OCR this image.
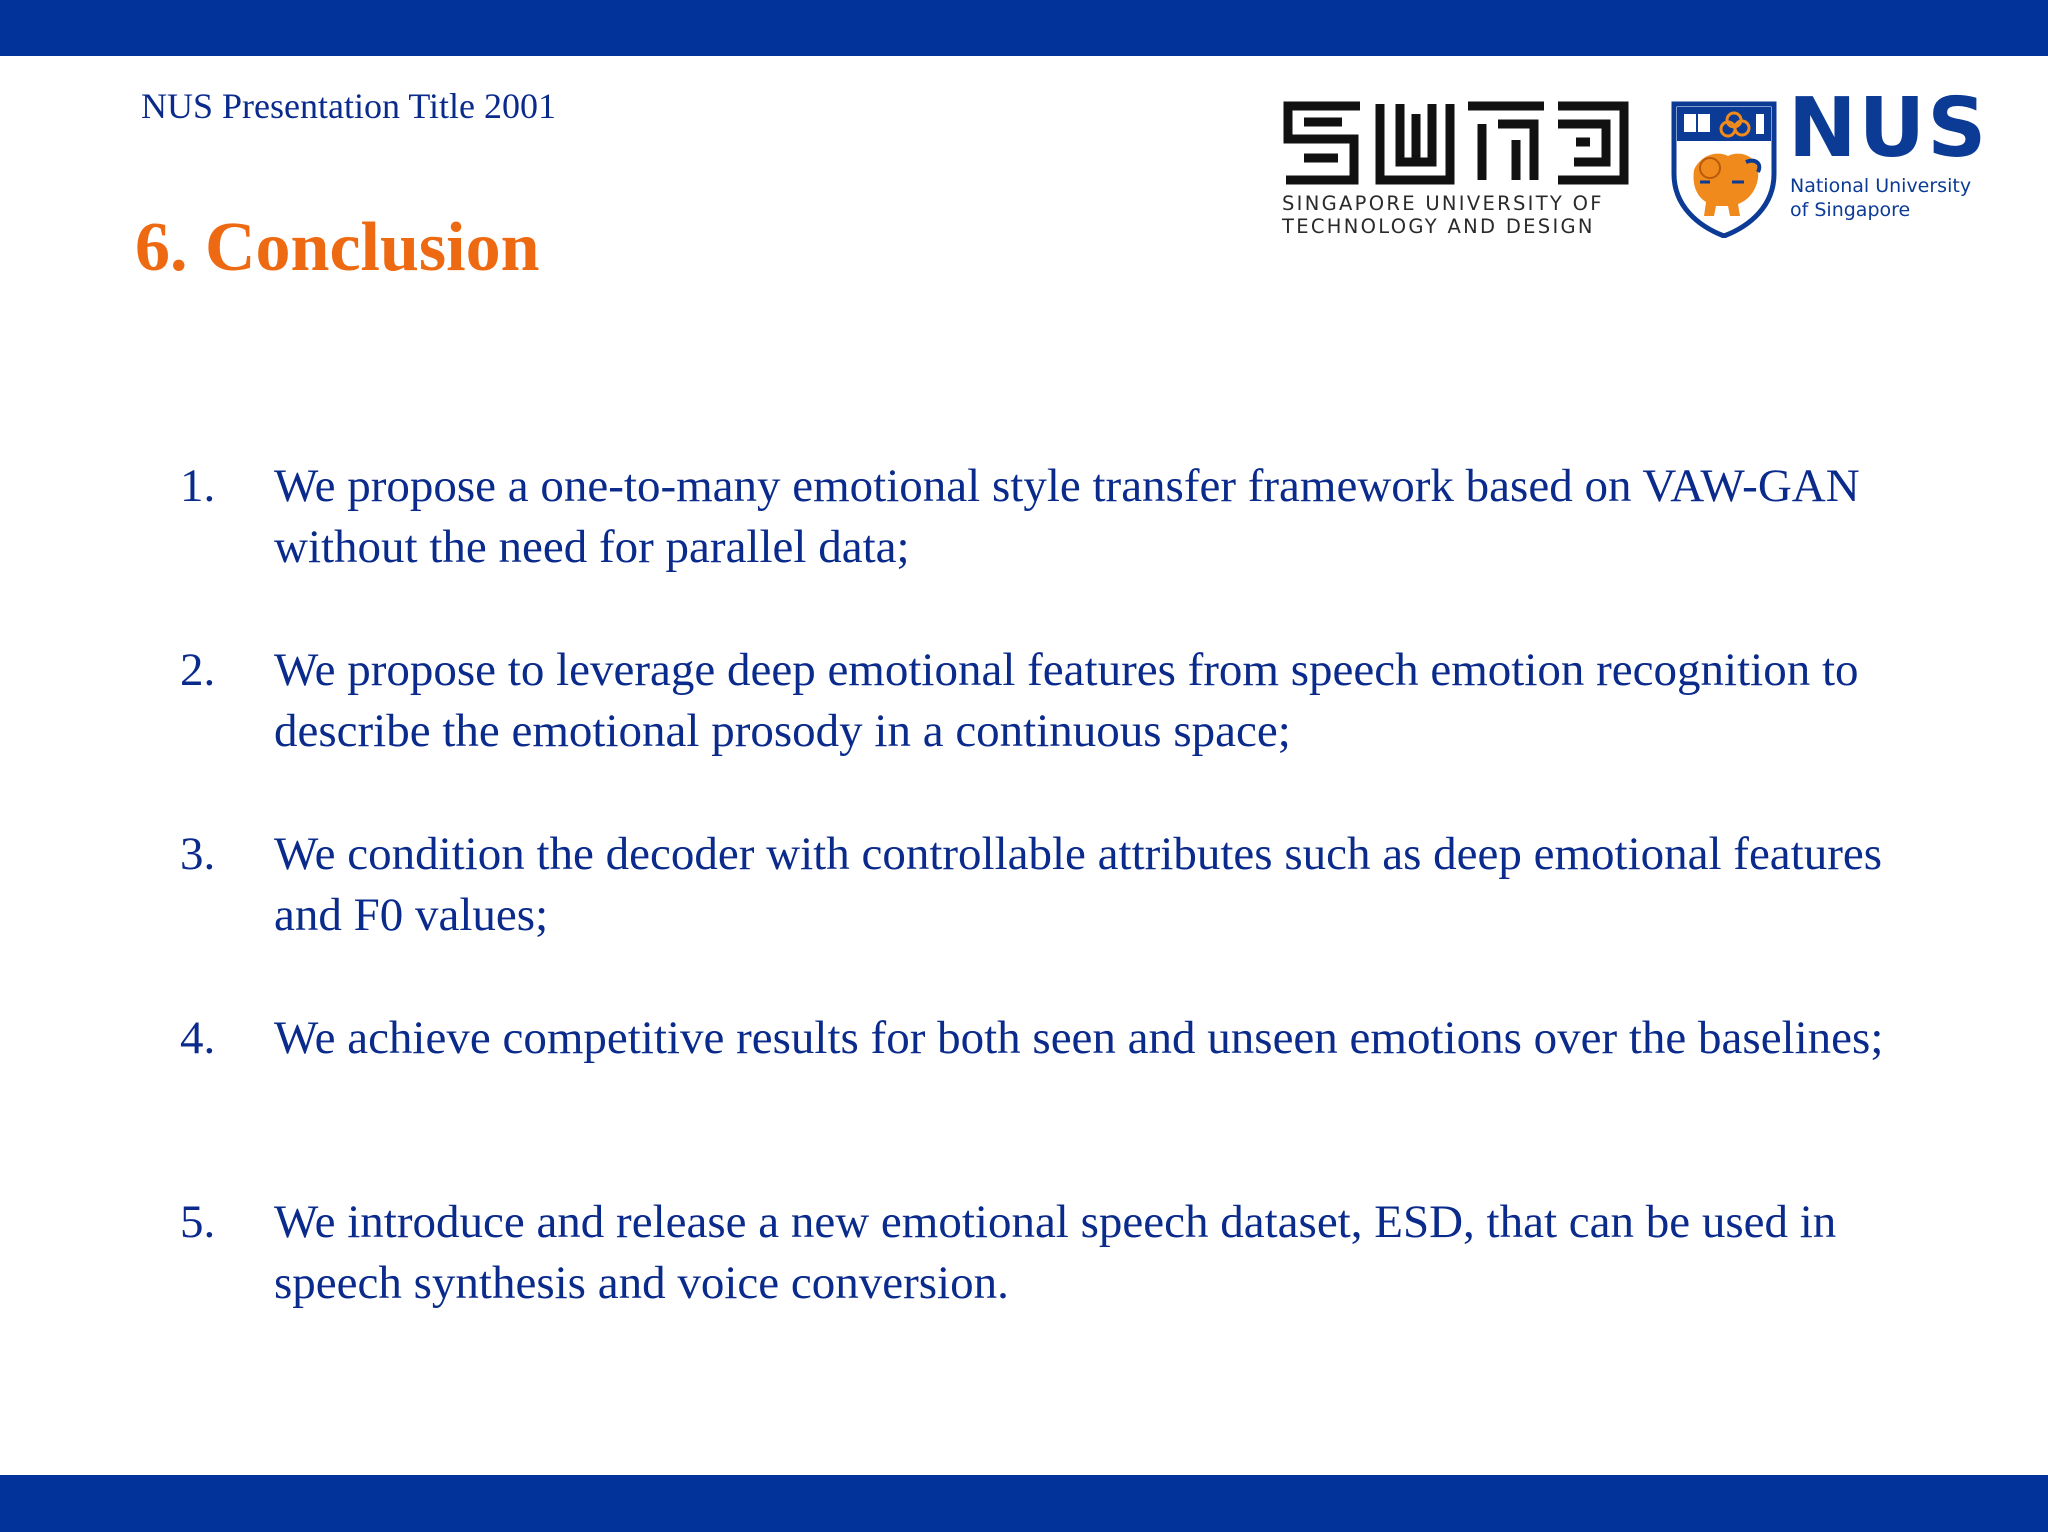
NUS Presentation Title 2001
6. Conclusion
SINGAPORE UNIVERSITY OF
TECHNOLOGY AND DESIGN
NUS
National University
of Singapore
1. We propose a one-to-many emotional style transfer framework based on VAW-GAN without the need for parallel data;
2. We propose to leverage deep emotional features from speech emotion recognition to describe the emotional prosody in a continuous space;
3. We condition the decoder with controllable attributes such as deep emotional features and F0 values;
4. We achieve competitive results for both seen and unseen emotions over the baselines;
5. We introduce and release a new emotional speech dataset, ESD, that can be used in speech synthesis and voice conversion.
